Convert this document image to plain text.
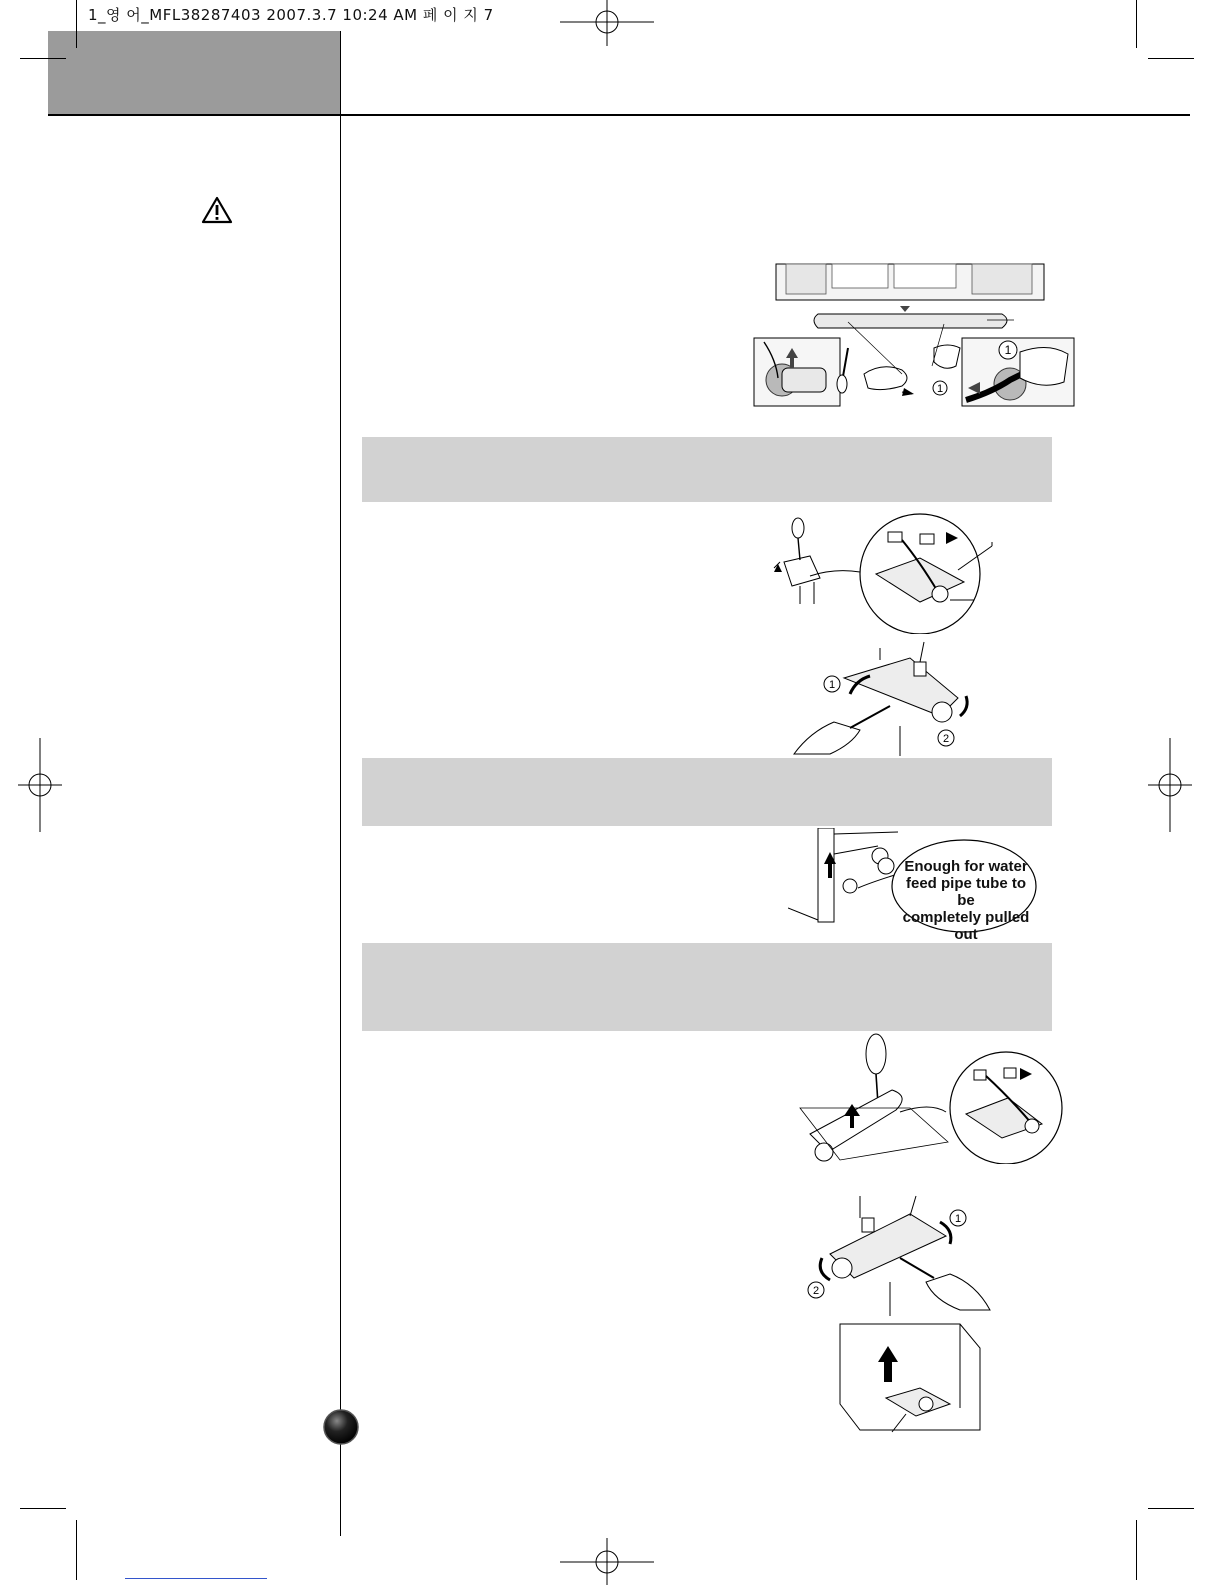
1_영 어_MFL38287403 2007.3.7 10:24 AM 페 이 지 7
1
1
1
2
Enough for water
feed pipe tube to be
completely pulled out
1
2
